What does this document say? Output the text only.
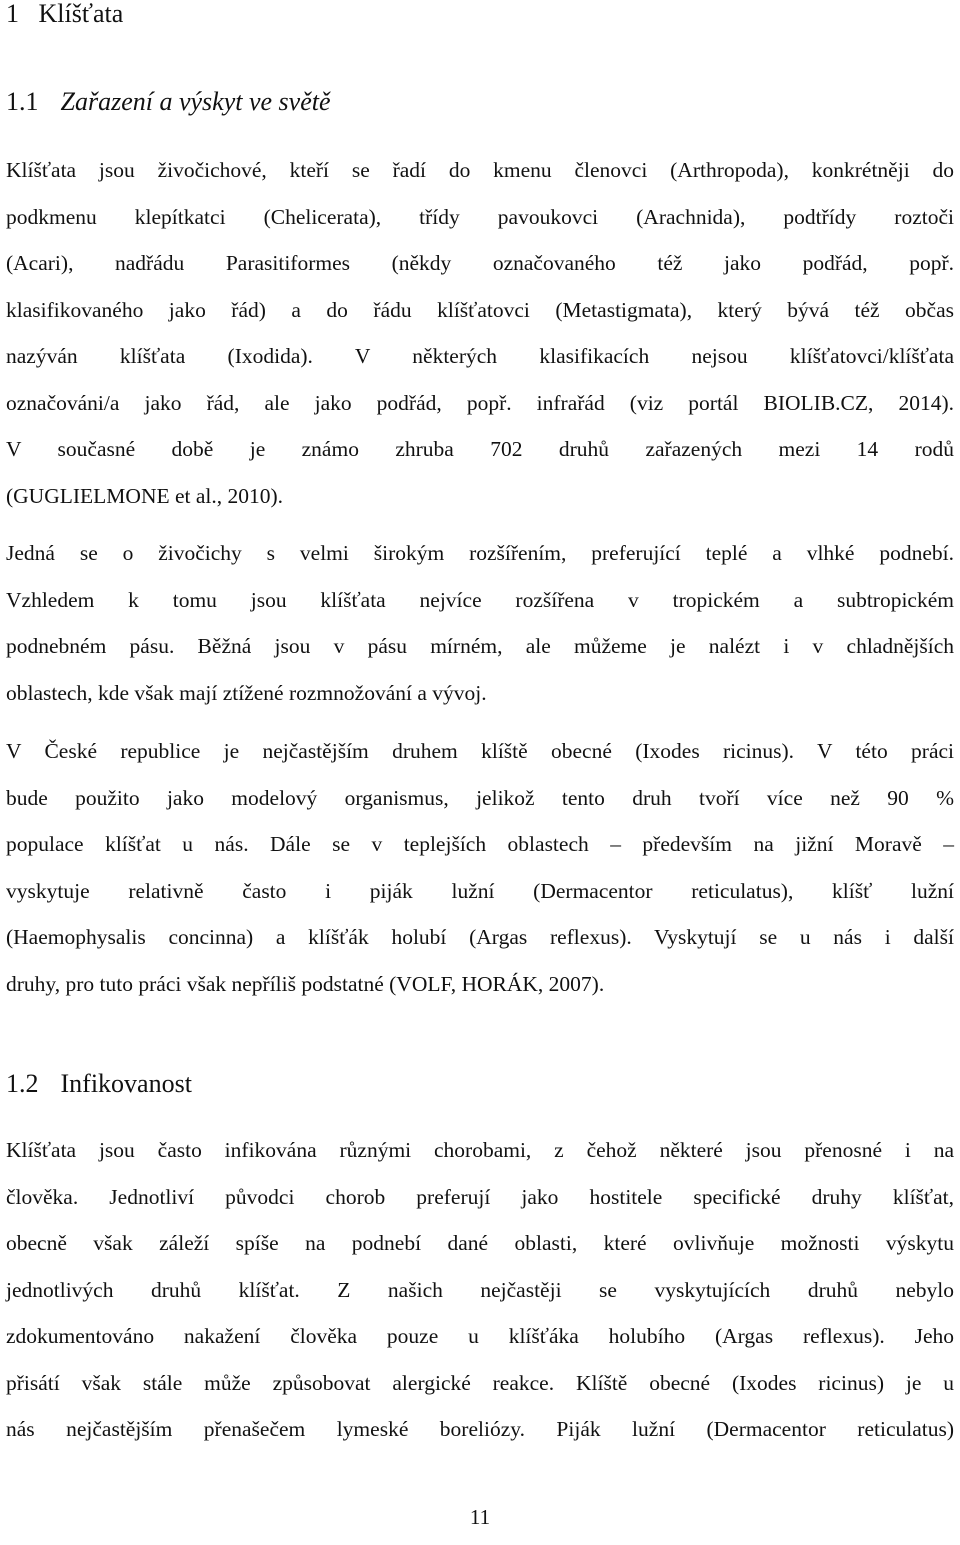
1 Klíšťata
1.1 Zařazení a výskyt ve světě
Klíšťata jsou živočichové, kteří se řadí do kmenu členovci (Arthropoda), konkrétněji do
podkmenu klepítkatci (Chelicerata), třídy pavoukovci (Arachnida), podtřídy roztoči
(Acari), nadřádu Parasitiformes (někdy označovaného též jako podřád, popř.
klasifikovaného jako řád) a do řádu klíšťatovci (Metastigmata), který bývá též občas
nazýván klíšťata (Ixodida). V některých klasifikacích nejsou klíšťatovci/klíšťata
označováni/a jako řád, ale jako podřád, popř. infrařád (viz portál BIOLIB.CZ, 2014).
V současné době je známo zhruba 702 druhů zařazených mezi 14 rodů
(GUGLIELMONE et al., 2010).
Jedná se o živočichy s velmi širokým rozšířením, preferující teplé a vlhké podnebí.
Vzhledem k tomu jsou klíšťata nejvíce rozšířena v tropickém a subtropickém
podnebném pásu. Běžná jsou v pásu mírném, ale můžeme je nalézt i v chladnějších
oblastech, kde však mají ztížené rozmnožování a vývoj.
V České republice je nejčastějším druhem klíště obecné (Ixodes ricinus). V této práci
bude použito jako modelový organismus, jelikož tento druh tvoří více než 90 %
populace klíšťat u nás. Dále se v teplejších oblastech – především na jižní Moravě –
vyskytuje relativně často i piják lužní (Dermacentor reticulatus), klíšť lužní
(Haemophysalis concinna) a klíšťák holubí (Argas reflexus). Vyskytují se u nás i další
druhy, pro tuto práci však nepříliš podstatné (VOLF, HORÁK, 2007).
1.2 Infikovanost
Klíšťata jsou často infikována různými chorobami, z čehož některé jsou přenosné i na
člověka. Jednotliví původci chorob preferují jako hostitele specifické druhy klíšťat,
obecně však záleží spíše na podnebí dané oblasti, které ovlivňuje možnosti výskytu
jednotlivých druhů klíšťat. Z našich nejčastěji se vyskytujících druhů nebylo
zdokumentováno nakažení člověka pouze u klíšťáka holubího (Argas reflexus). Jeho
přisátí však stále může způsobovat alergické reakce. Klíště obecné (Ixodes ricinus) je u
nás nejčastějším přenašečem lymeské boreliózy. Piják lužní (Dermacentor reticulatus)
11
